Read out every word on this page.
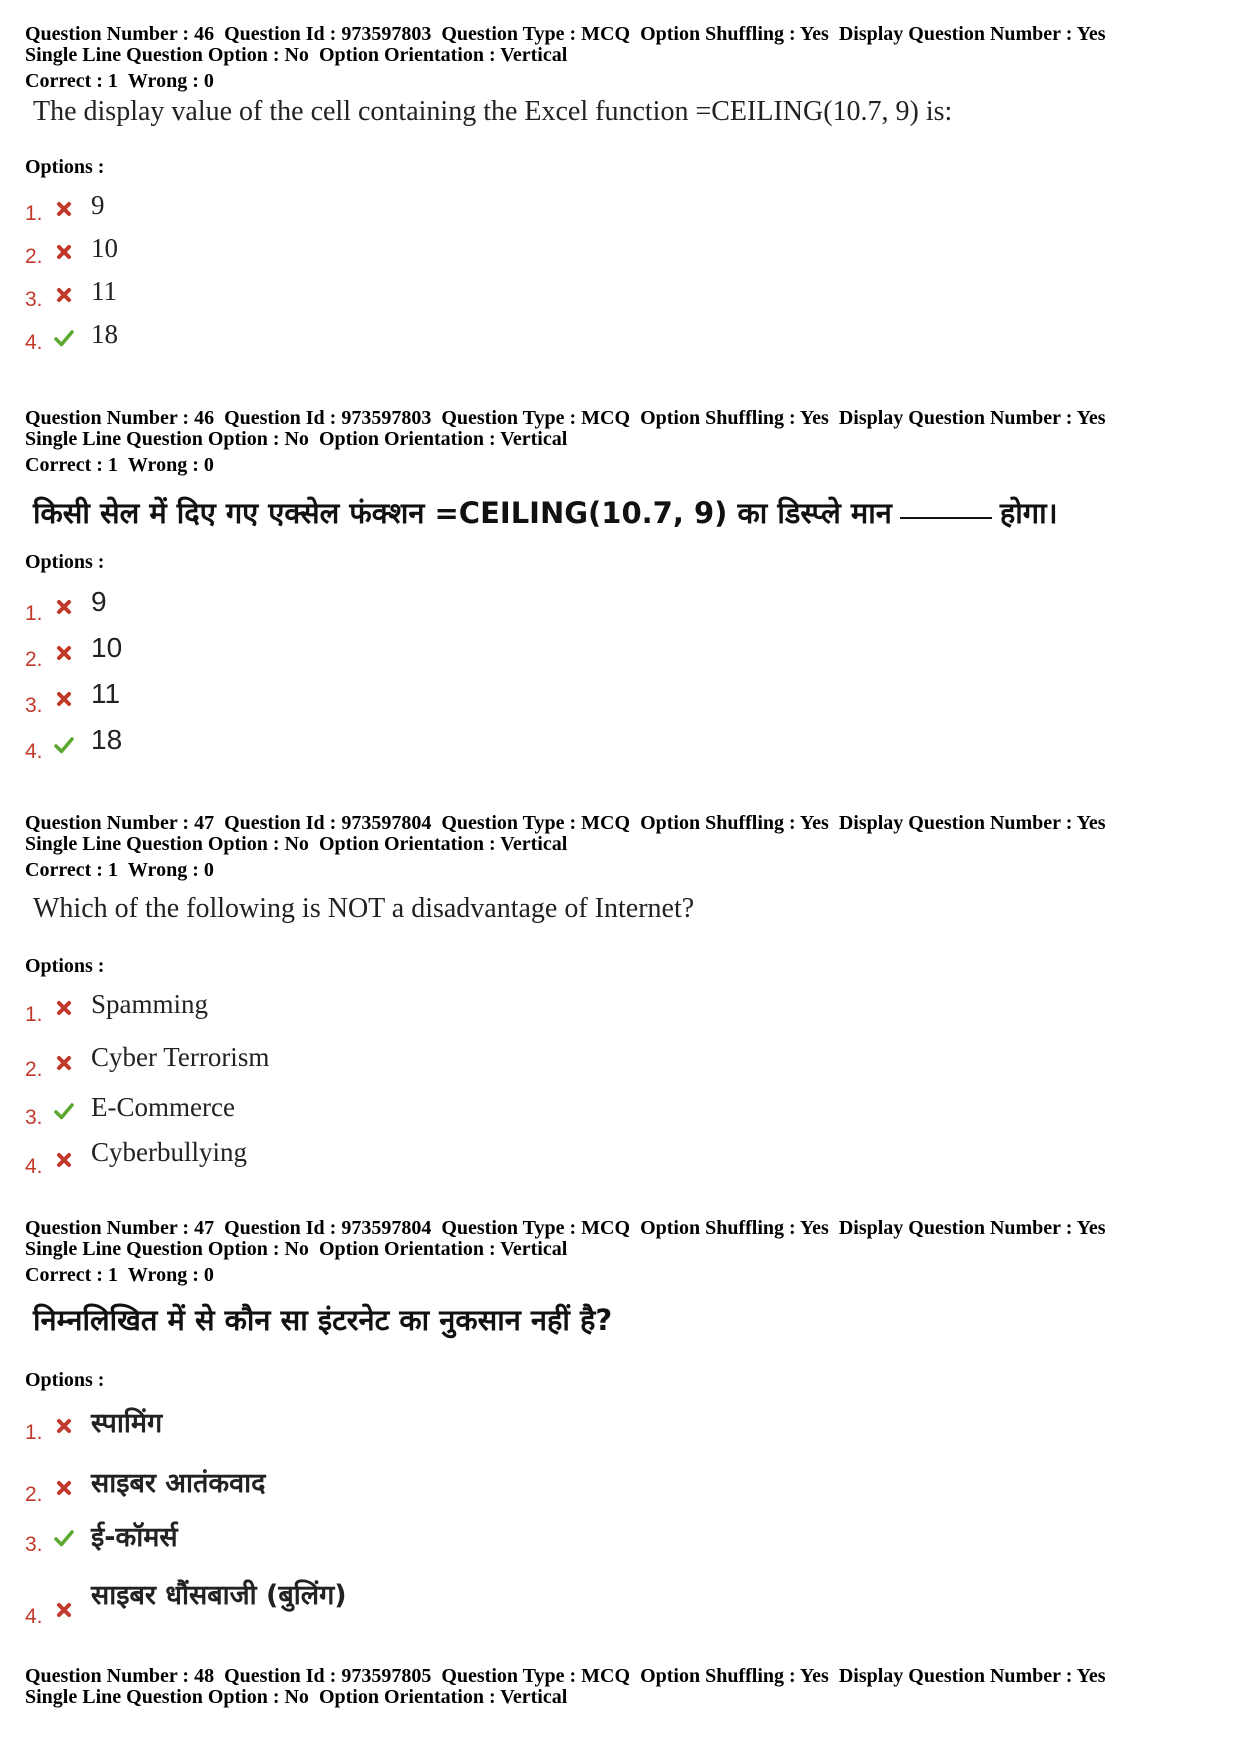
Question Number : 46 Question Id : 973597803 Question Type : MCQ Option Shuffling : Yes Display Question Number : Yes
Single Line Question Option : No Option Orientation : Vertical
Correct : 1 Wrong : 0
The display value of the cell containing the Excel function =CEILING(10.7, 9) is:
Options :
1. 9
2. 10
3. 11
4. 18
Question Number : 46 Question Id : 973597803 Question Type : MCQ Option Shuffling : Yes Display Question Number : Yes
Single Line Question Option : No Option Orientation : Vertical
Correct : 1 Wrong : 0
किसी सेल में दिए गए एक्सेल फंक्शन =CEILING(10.7, 9) का डिस्प्ले मान	होगा।
Options :
1. 9
2. 10
3. 11
4. 18
Question Number : 47 Question Id : 973597804 Question Type : MCQ Option Shuffling : Yes Display Question Number : Yes
Single Line Question Option : No Option Orientation : Vertical
Correct : 1 Wrong : 0
Which of the following is NOT a disadvantage of Internet?
Options :
1. Spamming
2. Cyber Terrorism
3. E-Commerce
4. Cyberbullying
Question Number : 47 Question Id : 973597804 Question Type : MCQ Option Shuffling : Yes Display Question Number : Yes
Single Line Question Option : No Option Orientation : Vertical
Correct : 1 Wrong : 0
निम्नलिखित में से कौन सा इंटरनेट का नुकसान नहीं है?
Options :
1. स्पामिंग
2. साइबर आतंकवाद
3. ई-कॉमर्स
4.
साइबर धौंसबाजी (बुलिंग)
Question Number : 48 Question Id : 973597805 Question Type : MCQ Option Shuffling : Yes Display Question Number : Yes
Single Line Question Option : No Option Orientation : Vertical
